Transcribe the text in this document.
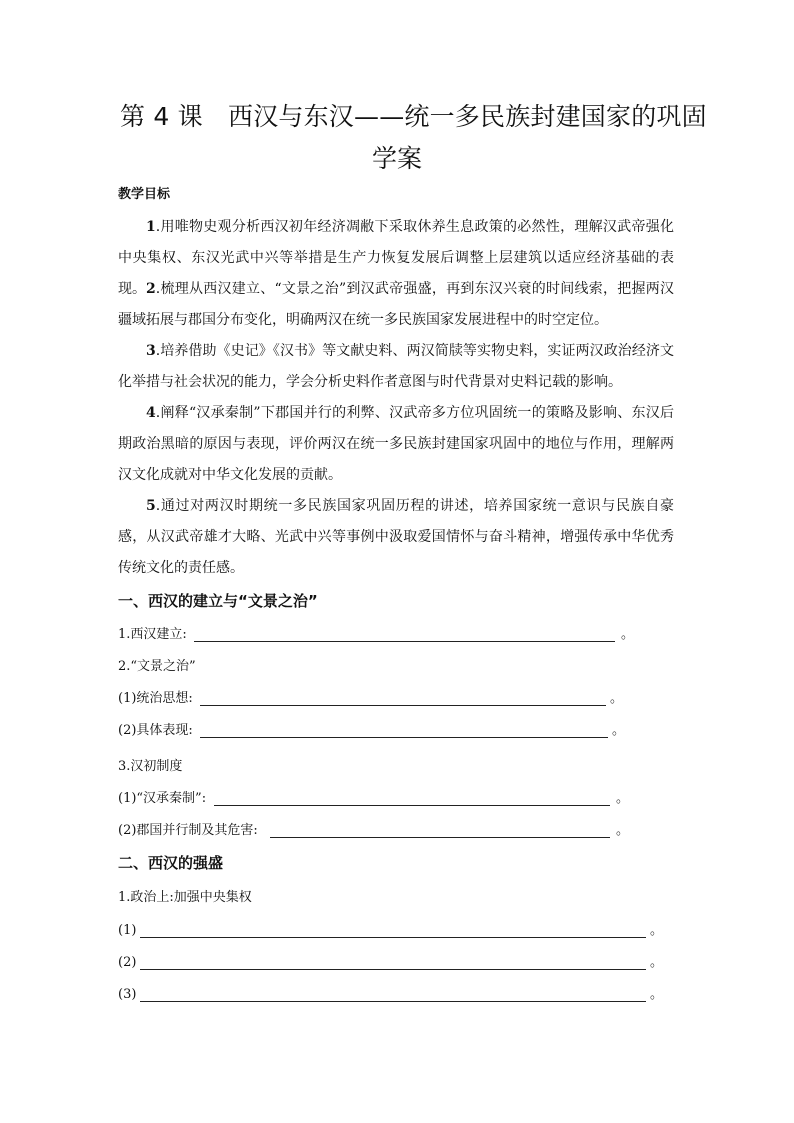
第 4 课　西汉与东汉——统一多民族封建国家的巩固
学案
教学目标
1.用唯物史观分析西汉初年经济凋敝下采取休养生息政策的必然性，理解汉武帝强化中央集权、东汉光武中兴等举措是生产力恢复发展后调整上层建筑以适应经济基础的表现。 2.梳理从西汉建立、“文景之治”到汉武帝强盛，再到东汉兴衰的时间线索，把握两汉疆域拓展与郡国分布变化，明确两汉在统一多民族国家发展进程中的时空定位。
3.培养借助《史记》《汉书》等文献史料、两汉简牍等实物史料，实证两汉政治经济文化举措与社会状况的能力，学会分析史料作者意图与时代背景对史料记载的影响。
4.阐释“汉承秦制”下郡国并行的利弊、汉武帝多方位巩固统一的策略及影响、东汉后期政治黑暗的原因与表现，评价两汉在统一多民族封建国家巩固中的地位与作用，理解两汉文化成就对中华文化发展的贡献。
5.通过对两汉时期统一多民族国家巩固历程的讲述，培养国家统一意识与民族自豪感，从汉武帝雄才大略、光武中兴等事例中汲取爱国情怀与奋斗精神，增强传承中华优秀传统文化的责任感。
一、西汉的建立与“文景之治”
1.西汉建立:	。
2.“文景之治”
(1)统治思想:	。
(2)具体表现:	。
3.汉初制度
(1)“汉承秦制”:	。
(2)郡国并行制及其危害:	。
二、西汉的强盛
1.政治上:加强中央集权
(1)	。
(2)	。
(3)	。
